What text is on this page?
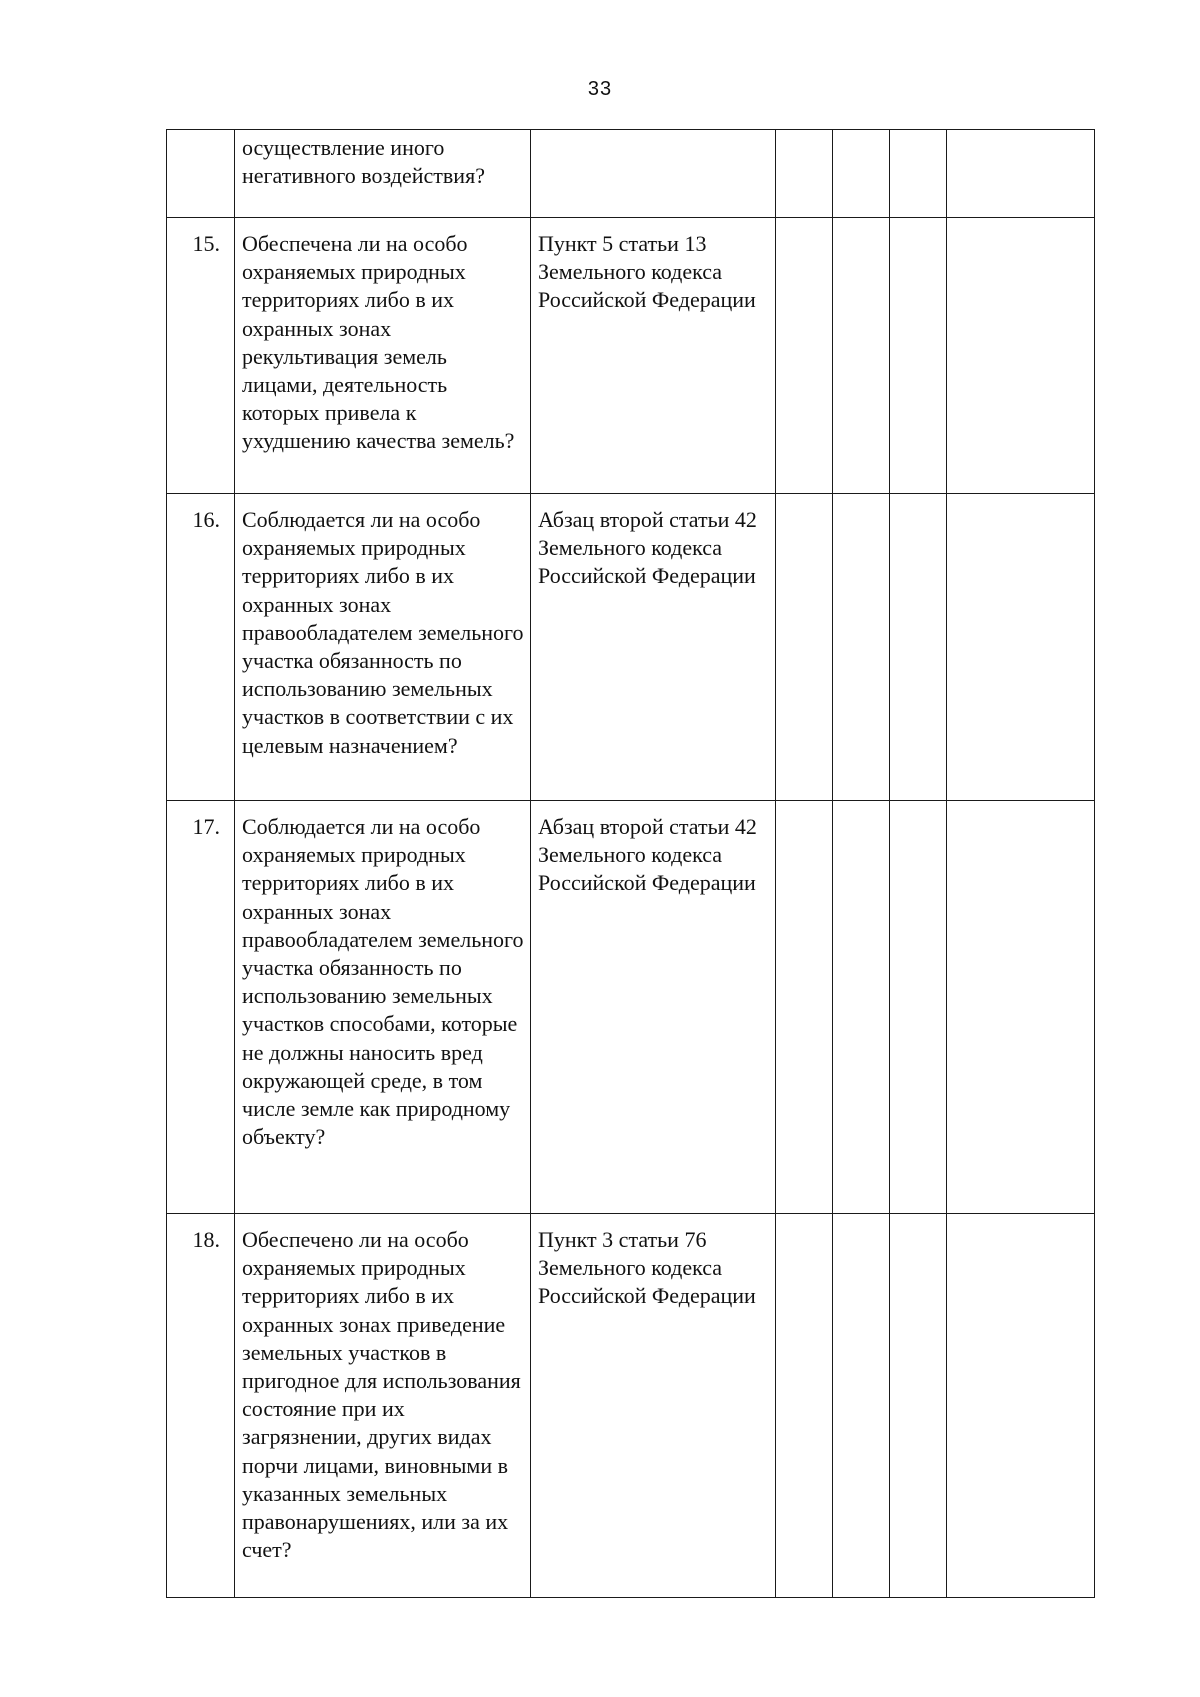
33
	осуществление иного негативного воздействия?					
15.	Обеспечена ли на особо охраняемых природных территориях либо в их охранных зонах рекультивация земель лицами, деятельность которых привела к ухудшению качества земель?	Пункт 5 статьи 13 Земельного кодекса Российской Федерации				
16.	Соблюдается ли на особо охраняемых природных территориях либо в их охранных зонах правообладателем земельного участка обязанность по использованию земельных участков в соответствии с их целевым назначением?	Абзац второй статьи 42 Земельного кодекса Российской Федерации				
17.	Соблюдается ли на особо охраняемых природных территориях либо в их охранных зонах правообладателем земельного участка обязанность по использованию земельных участков способами, которые не должны наносить вред окружающей среде, в том числе земле как природному объекту?	Абзац второй статьи 42 Земельного кодекса Российской Федерации				
18.	Обеспечено ли на особо охраняемых природных территориях либо в их охранных зонах приведение земельных участков в пригодное для использования состояние при их загрязнении, других видах порчи лицами, виновными в указанных земельных правонарушениях, или за их счет?	Пункт 3 статьи 76 Земельного кодекса Российской Федерации				
